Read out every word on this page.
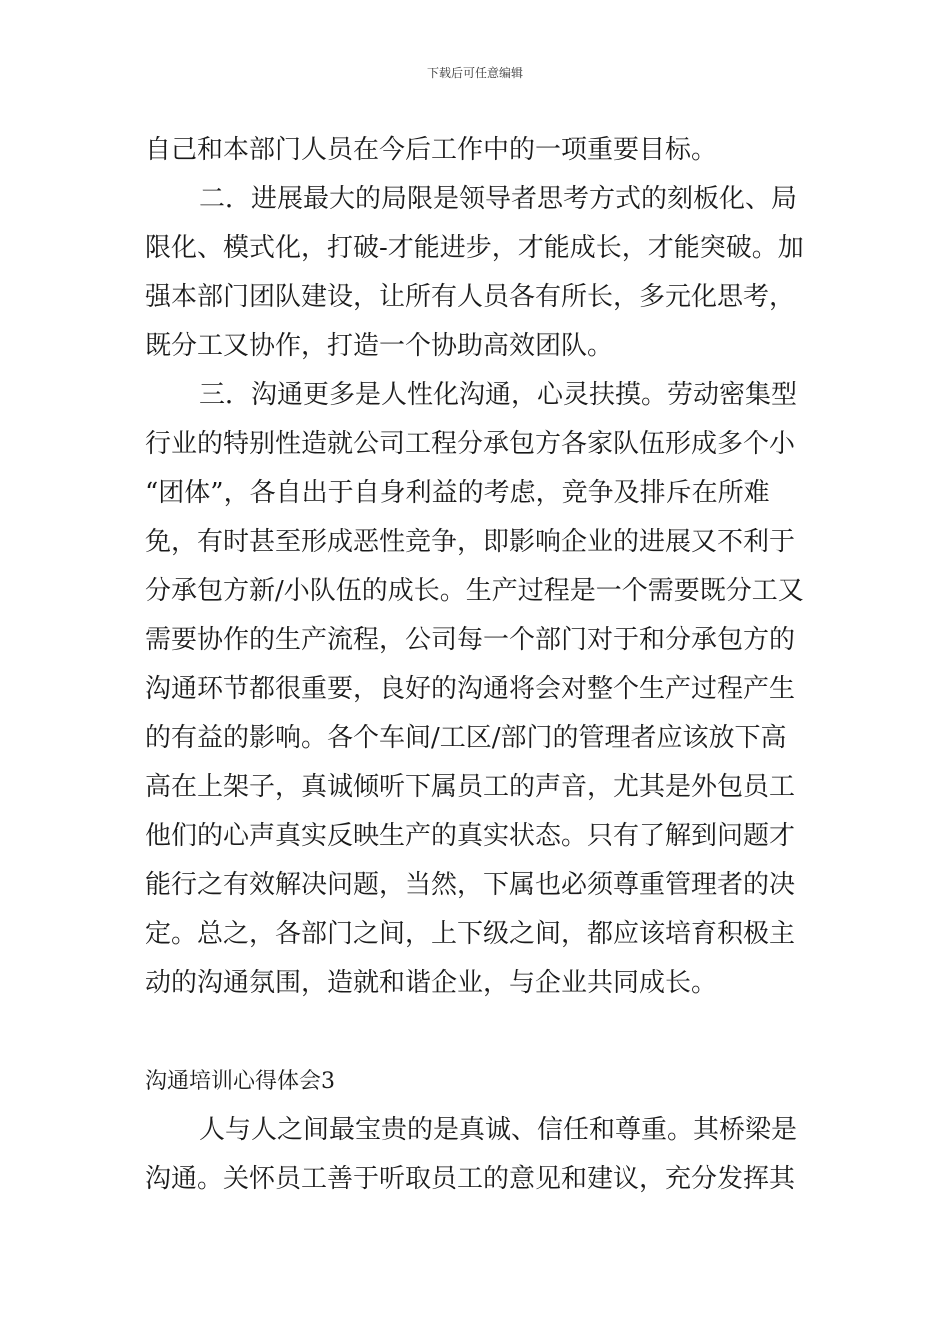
下载后可任意编辑
自己和本部门人员在今后工作中的一项重要目标。
二．进展最大的局限是领导者思考方式的刻板化、局
限化、模式化，打破-才能进步，才能成长，才能突破。加
强本部门团队建设，让所有人员各有所长，多元化思考，
既分工又协作，打造一个协助高效团队。
三．沟通更多是人性化沟通，心灵扶摸。劳动密集型
行业的特别性造就公司工程分承包方各家队伍形成多个小
“团体”，各自出于自身利益的考虑，竞争及排斥在所难
免，有时甚至形成恶性竞争，即影响企业的进展又不利于
分承包方新/小队伍的成长。生产过程是一个需要既分工又
需要协作的生产流程，公司每一个部门对于和分承包方的
沟通环节都很重要，良好的沟通将会对整个生产过程产生
的有益的影响。各个车间/工区/部门的管理者应该放下高
高在上架子，真诚倾听下属员工的声音，尤其是外包员工
他们的心声真实反映生产的真实状态。只有了解到问题才
能行之有效解决问题，当然，下属也必须尊重管理者的决
定。总之，各部门之间，上下级之间，都应该培育积极主
动的沟通氛围，造就和谐企业，与企业共同成长。
沟通培训心得体会3
人与人之间最宝贵的是真诚、信任和尊重。其桥梁是
沟通。关怀员工善于听取员工的意见和建议，充分发挥其
